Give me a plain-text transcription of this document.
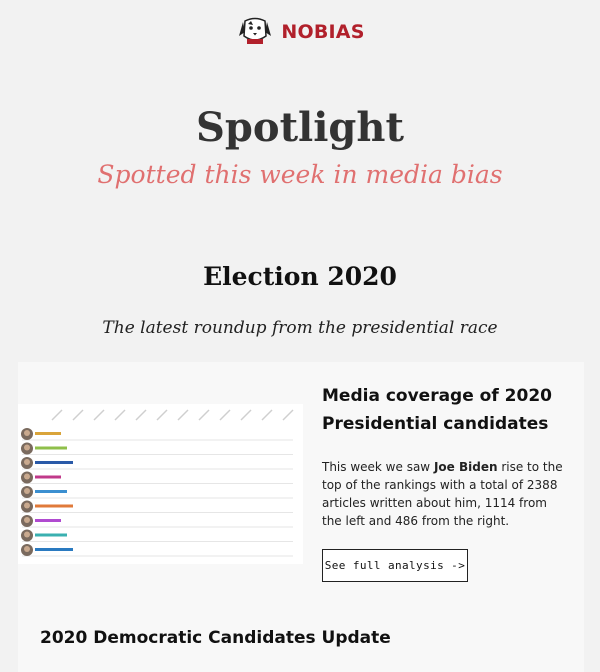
NOBIAS
Spotlight

Spotted this week in media bias

Election 2020

The latest roundup from the presidential race

Media coverage of 2020 Presidential candidates

This week we saw Joe Biden rise to the top of the rankings with a total of 2388 articles written about him, 1114 from the left and 486 from the right.

See full analysis ->
2020 Democratic Candidates Update
